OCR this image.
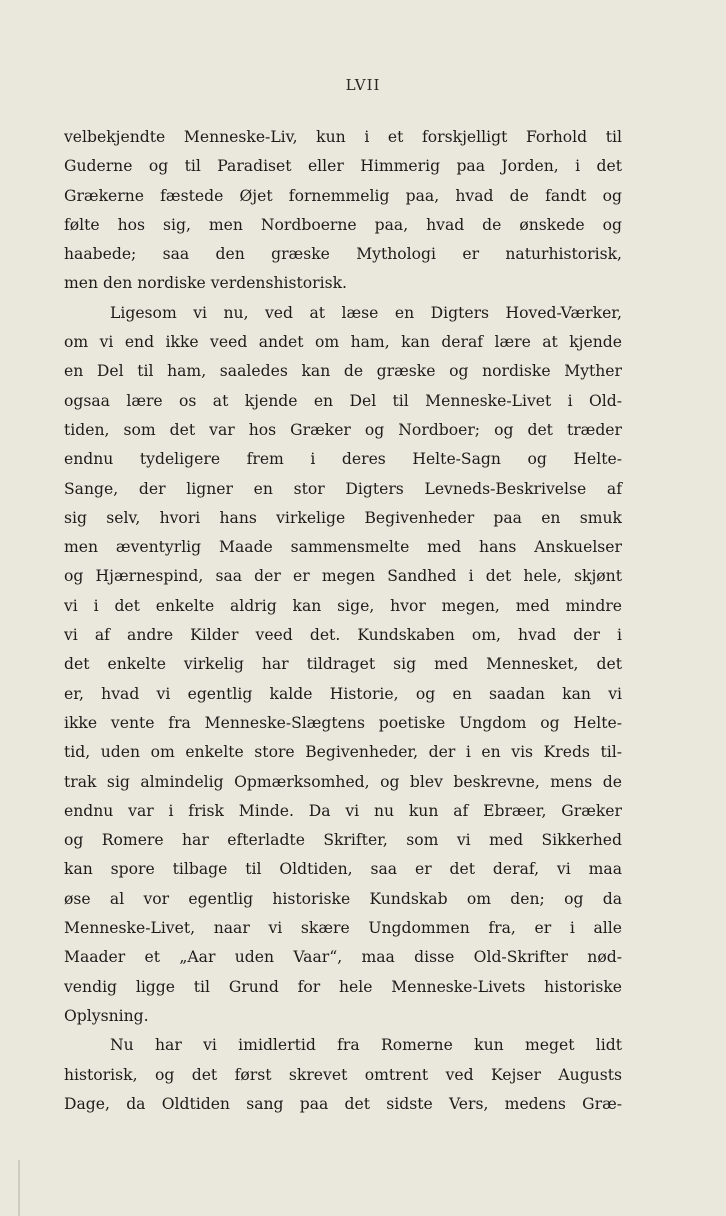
LVII
velbekjendte Menneske-Liv, kun i et forskjelligt Forhold til
Guderne og til Paradiset eller Himmerig paa Jorden, i det
Grækerne fæstede Øjet fornemmelig paa, hvad de fandt og
følte hos sig, men Nordboerne paa, hvad de ønskede og
haabede; saa den græske Mythologi er naturhistorisk,
men den nordiske verdenshistorisk.
Ligesom vi nu, ved at læse en Digters Hoved-Værker,
om vi end ikke veed andet om ham, kan deraf lære at kjende
en Del til ham, saaledes kan de græske og nordiske Myther
ogsaa lære os at kjende en Del til Menneske-Livet i Old-
tiden, som det var hos Græker og Nordboer; og det træder
endnu tydeligere frem i deres Helte-Sagn og Helte-
Sange, der ligner en stor Digters Levneds-Beskrivelse af
sig selv, hvori hans virkelige Begivenheder paa en smuk
men æventyrlig Maade sammensmelte med hans Anskuelser
og Hjærnespind, saa der er megen Sandhed i det hele, skjønt
vi i det enkelte aldrig kan sige, hvor megen, med mindre
vi af andre Kilder veed det. Kundskaben om, hvad der i
det enkelte virkelig har tildraget sig med Mennesket, det
er, hvad vi egentlig kalde Historie, og en saadan kan vi
ikke vente fra Menneske-Slægtens poetiske Ungdom og Helte-
tid, uden om enkelte store Begivenheder, der i en vis Kreds til-
trak sig almindelig Opmærksomhed, og blev beskrevne, mens de
endnu var i frisk Minde. Da vi nu kun af Ebræer, Græker
og Romere har efterladte Skrifter, som vi med Sikkerhed
kan spore tilbage til Oldtiden, saa er det deraf, vi maa
øse al vor egentlig historiske Kundskab om den; og da
Menneske-Livet, naar vi skære Ungdommen fra, er i alle
Maader et „Aar uden Vaar“, maa disse Old-Skrifter nød-
vendig ligge til Grund for hele Menneske-Livets historiske
Oplysning.
Nu har vi imidlertid fra Romerne kun meget lidt
historisk, og det først skrevet omtrent ved Kejser Augusts
Dage, da Oldtiden sang paa det sidste Vers, medens Græ-
